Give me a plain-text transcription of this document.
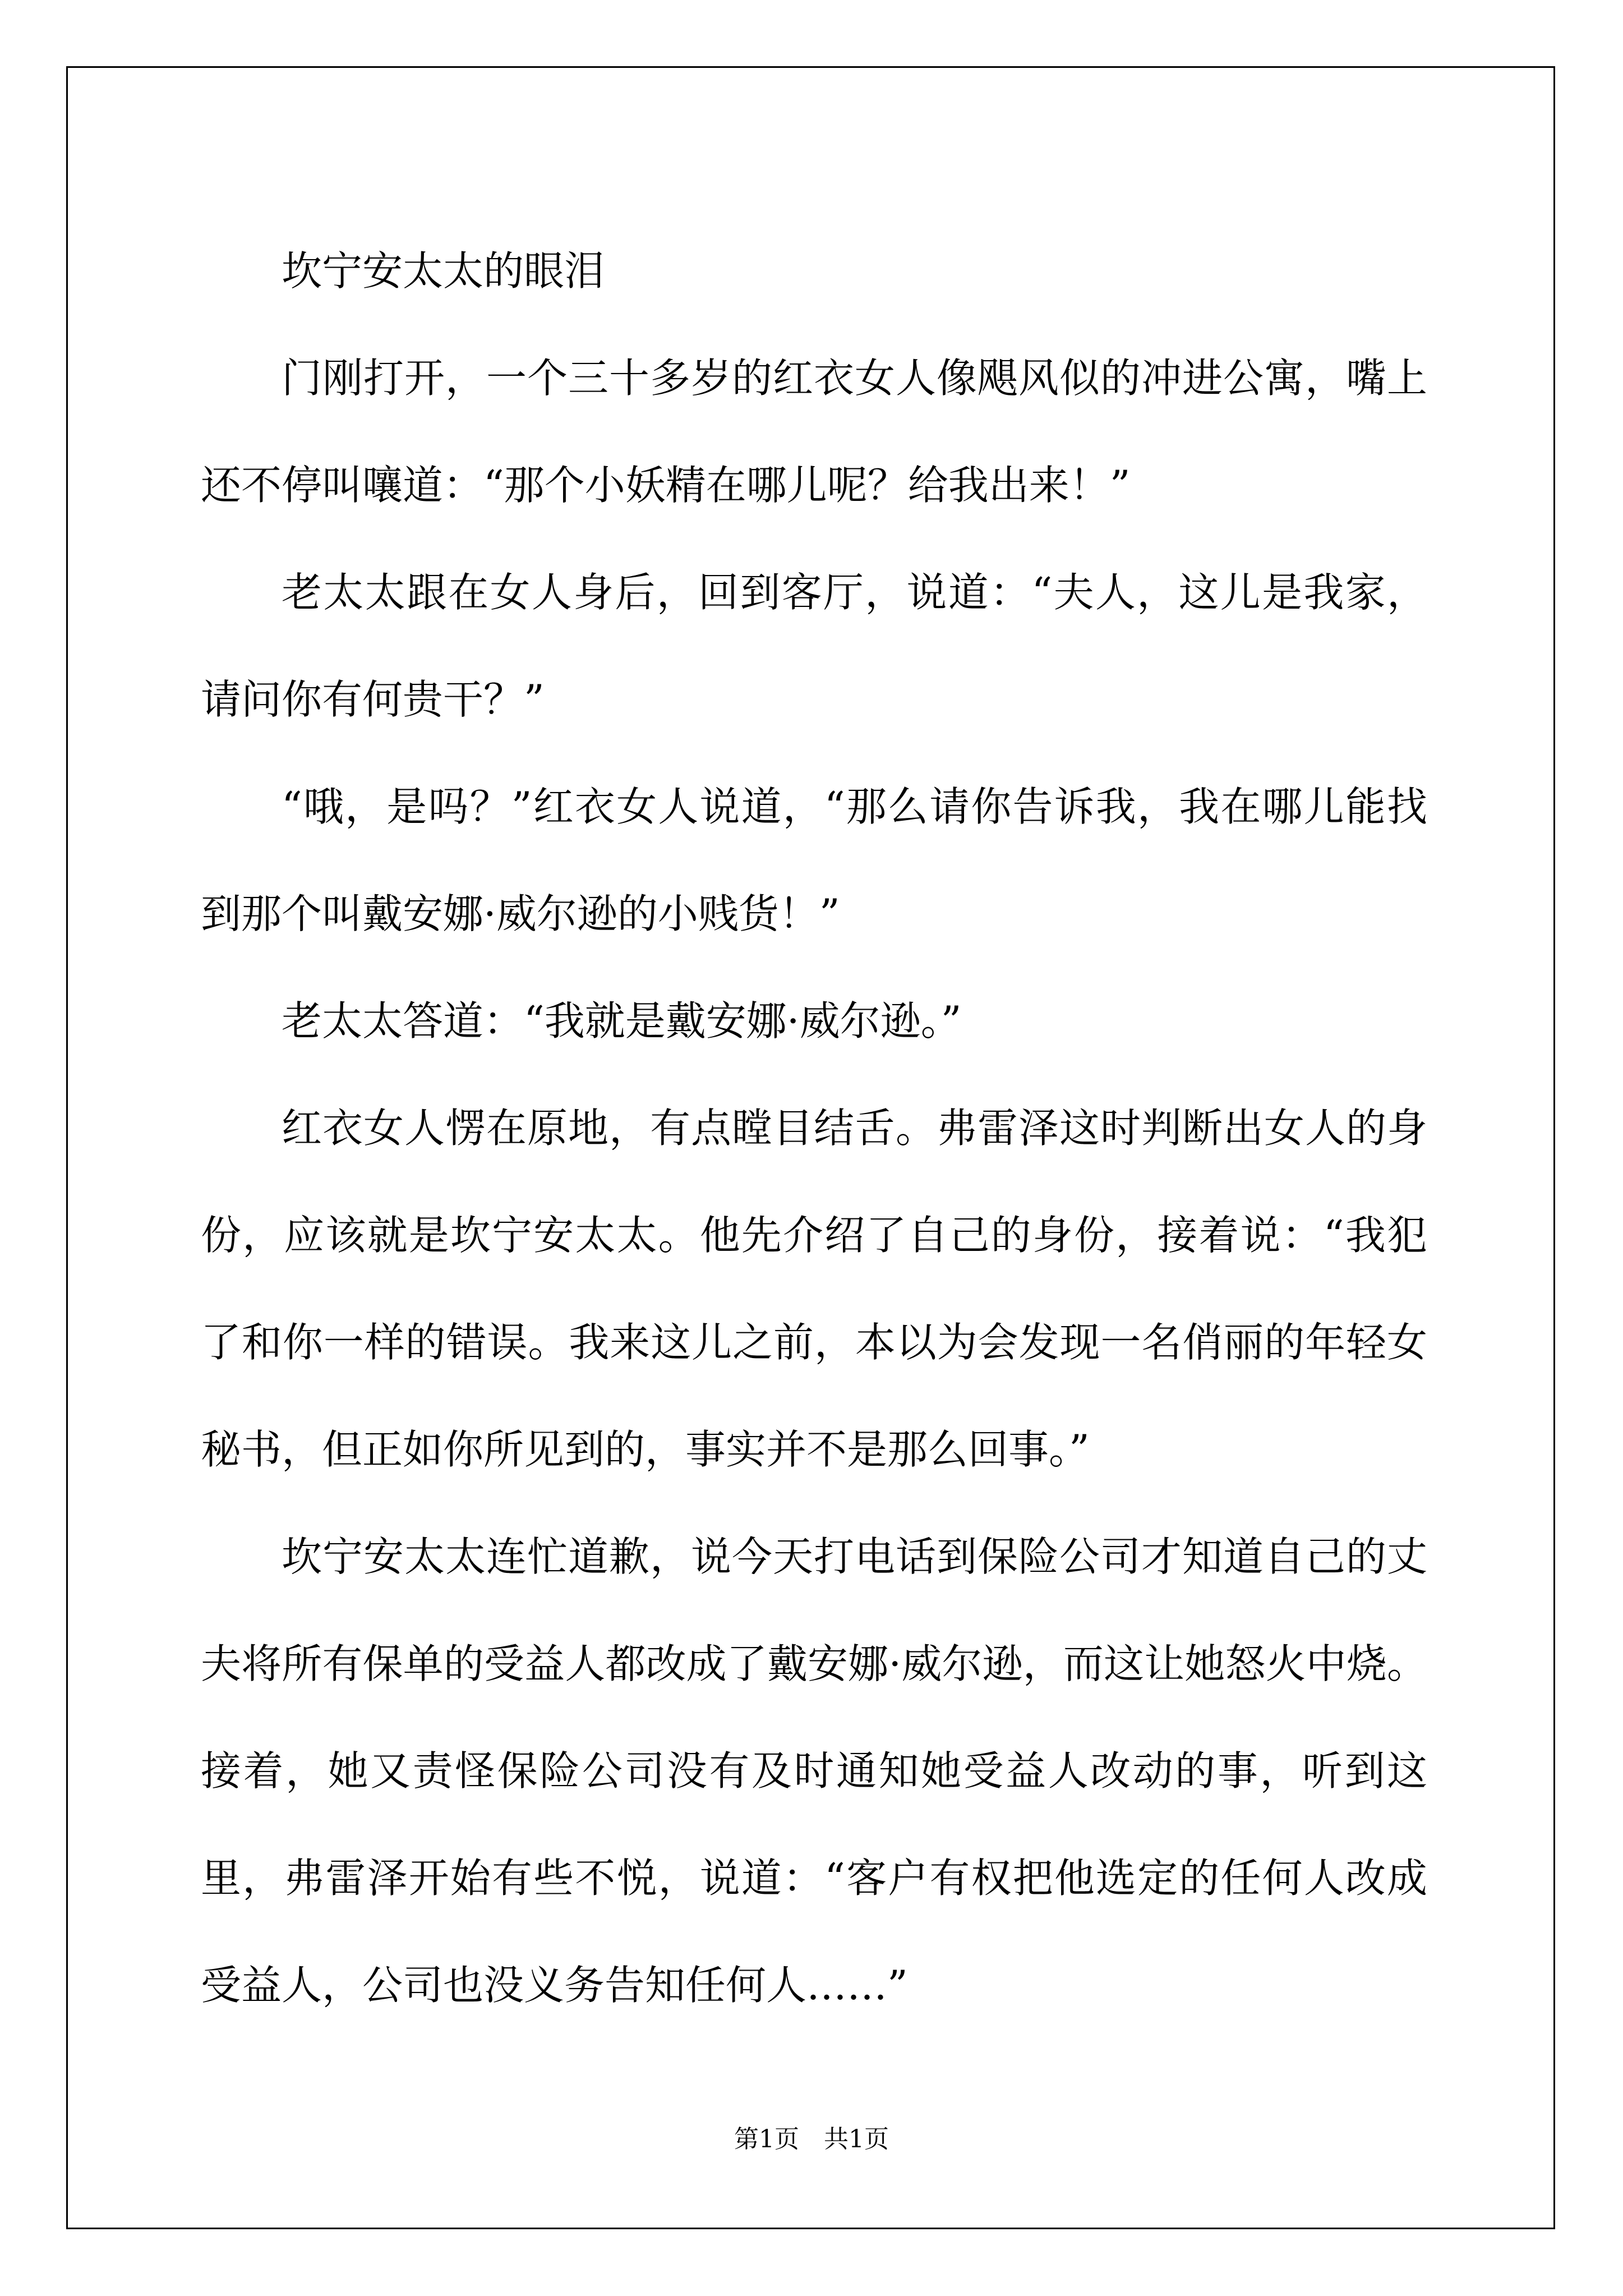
坎宁安太太的眼泪

门刚打开，一个三十多岁的红衣女人像飓风似的冲进公寓，嘴上还不停叫嚷道：“那个小妖精在哪儿呢？给我出来！”

老太太跟在女人身后，回到客厅，说道：“夫人，这儿是我家，请问你有何贵干？”

“哦，是吗？”红衣女人说道，“那么请你告诉我，我在哪儿能找到那个叫戴安娜·威尔逊的小贱货！”

老太太答道：“我就是戴安娜·威尔逊。”

红衣女人愣在原地，有点瞠目结舌。弗雷泽这时判断出女人的身份，应该就是坎宁安太太。他先介绍了自己的身份，接着说：“我犯了和你一样的错误。我来这儿之前，本以为会发现一名俏丽的年轻女秘书，但正如你所见到的，事实并不是那么回事。”

坎宁安太太连忙道歉，说今天打电话到保险公司才知道自己的丈夫将所有保单的受益人都改成了戴安娜·威尔逊，而这让她怒火中烧。接着，她又责怪保险公司没有及时通知她受益人改动的事，听到这里，弗雷泽开始有些不悦，说道：“客户有权把他选定的任何人改成受益人，公司也没义务告知任何人……”

第1页 共1页
